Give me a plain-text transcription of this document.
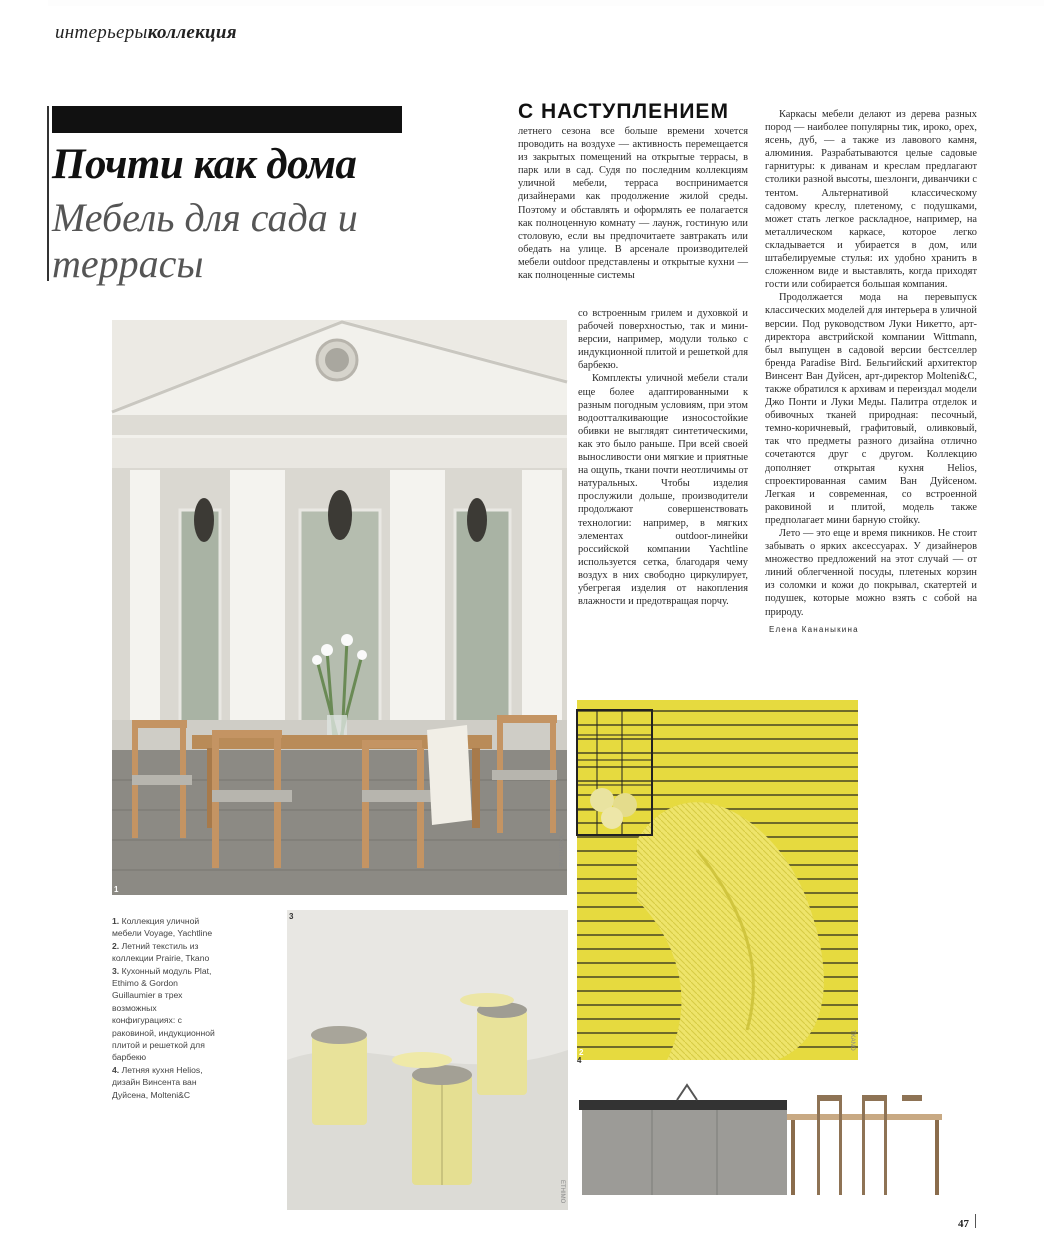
интерьерыколлекция
Почти как дома
Мебель для сада и террасы
С НАСТУПЛЕНИЕМ

летнего сезона все больше времени хочется проводить на воздухе — активность перемещается из закрытых помещений на открытые террасы, в парк или в сад. Судя по последним коллекциям уличной мебели, терраса воспринимается дизайнерами как продолжение жилой среды. Поэтому и обставлять и оформлять ее полагается как полноценную комнату — лаунж, гостиную или столовую, если вы предпочитаете завтракать или обедать на улице. В арсенале производителей мебели outdoor представлены и открытые кухни — как полноценные системы

со встроенным грилем и духовкой и рабочей поверхностью, так и мини-версии, например, модули только с индукционной плитой и решеткой для барбекю.

Комплекты уличной мебели стали еще более адаптированными к разным погодным условиям, при этом водоотталкивающие износостойкие обивки не выглядят синтетическими, как это было раньше. При всей своей выносливости они мягкие и приятные на ощупь, ткани почти неотличимы от натуральных. Чтобы изделия прослужили дольше, производители продолжают совершенствовать технологии: например, в мягких элементах outdoor-линейки российской компании Yachtline используется сетка, благодаря чему воздух в них свободно циркулирует, убегрегая изделия от накопления влажности и предотвращая порчу.

Каркасы мебели делают из дерева разных пород — наиболее популярны тик, ироко, орех, ясень, дуб, — а также из лавового камня, алюминия. Разрабатываются целые садовые гарнитуры: к диванам и креслам предлагают столики разной высоты, шезлонги, диванчики с тентом. Альтернативой классическому садовому креслу, плетеному, с подушками, может стать легкое раскладное, например, на металлическом каркасе, которое легко складывается и убирается в дом, или штабелируемые стулья: их удобно хранить в сложенном виде и выставлять, когда приходят гости или собирается большая компания.

Продолжается мода на перевыпуск классических моделей для интерьера в уличной версии. Под руководством Луки Никетто, арт-директора австрийской компании Wittmann, был выпущен в садовой версии бестселлер бренда Paradise Bird. Бельгийский архитектор Винсент Ван Дуйсен, арт-директор Molteni&C, также обратился к архивам и переиздал модели Джо Понти и Луки Меды. Палитра отделок и обивочных тканей природная: песочный, темно-коричневый, графитовый, оливковый, так что предметы разного дизайна отлично сочетаются друг с другом. Коллекцию дополняет открытая кухня Helios, спроектированная самим Ван Дуйсеном. Легкая и современная, со встроенной раковиной и плитой, модель также предполагает мини барную стойку.

Лето — это еще и время пикников. Не стоит забывать о ярких аксессуарах. У дизайнеров множество предложений на этот случай — от линий облегченной посуды, плетеных корзин из соломки и кожи до покрывал, скатертей и подушек, которые можно взять с собой на природу.

Елена Кананыкина

1
YACHTLINE
2
TKANO
3
ETHIMO
4

1. Коллекция уличной мебели Voyage, Yachtline

2. Летний текстиль из коллекции Prairie, Tkano

3. Кухонный модуль Plat, Ethimo & Gordon Guillaumier в трех возможных конфигурациях: с раковиной, индукционной плитой и решеткой для барбекю

4. Летняя кухня Helios, дизайн Винсента ван Дуйсена, Molteni&C

47
